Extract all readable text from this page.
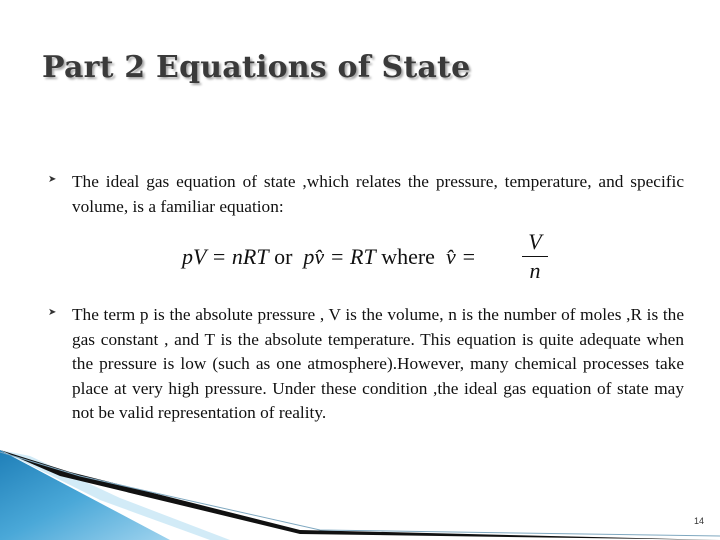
Part 2 Equations of State
➤ The ideal gas equation of state ,which relates the pressure, temperature, and specific volume, is a familiar equation:
pV = nRT or pv̂ = RT where v̂ =
V
n
➤ The term p is the absolute pressure , V is the volume, n is the number of moles ,R is the gas constant , and T is the absolute temperature. This equation is quite adequate when the pressure is low (such as one atmosphere).However, many chemical processes take place at very high pressure. Under these condition ,the ideal gas equation of state may not be valid representation of reality.
14
